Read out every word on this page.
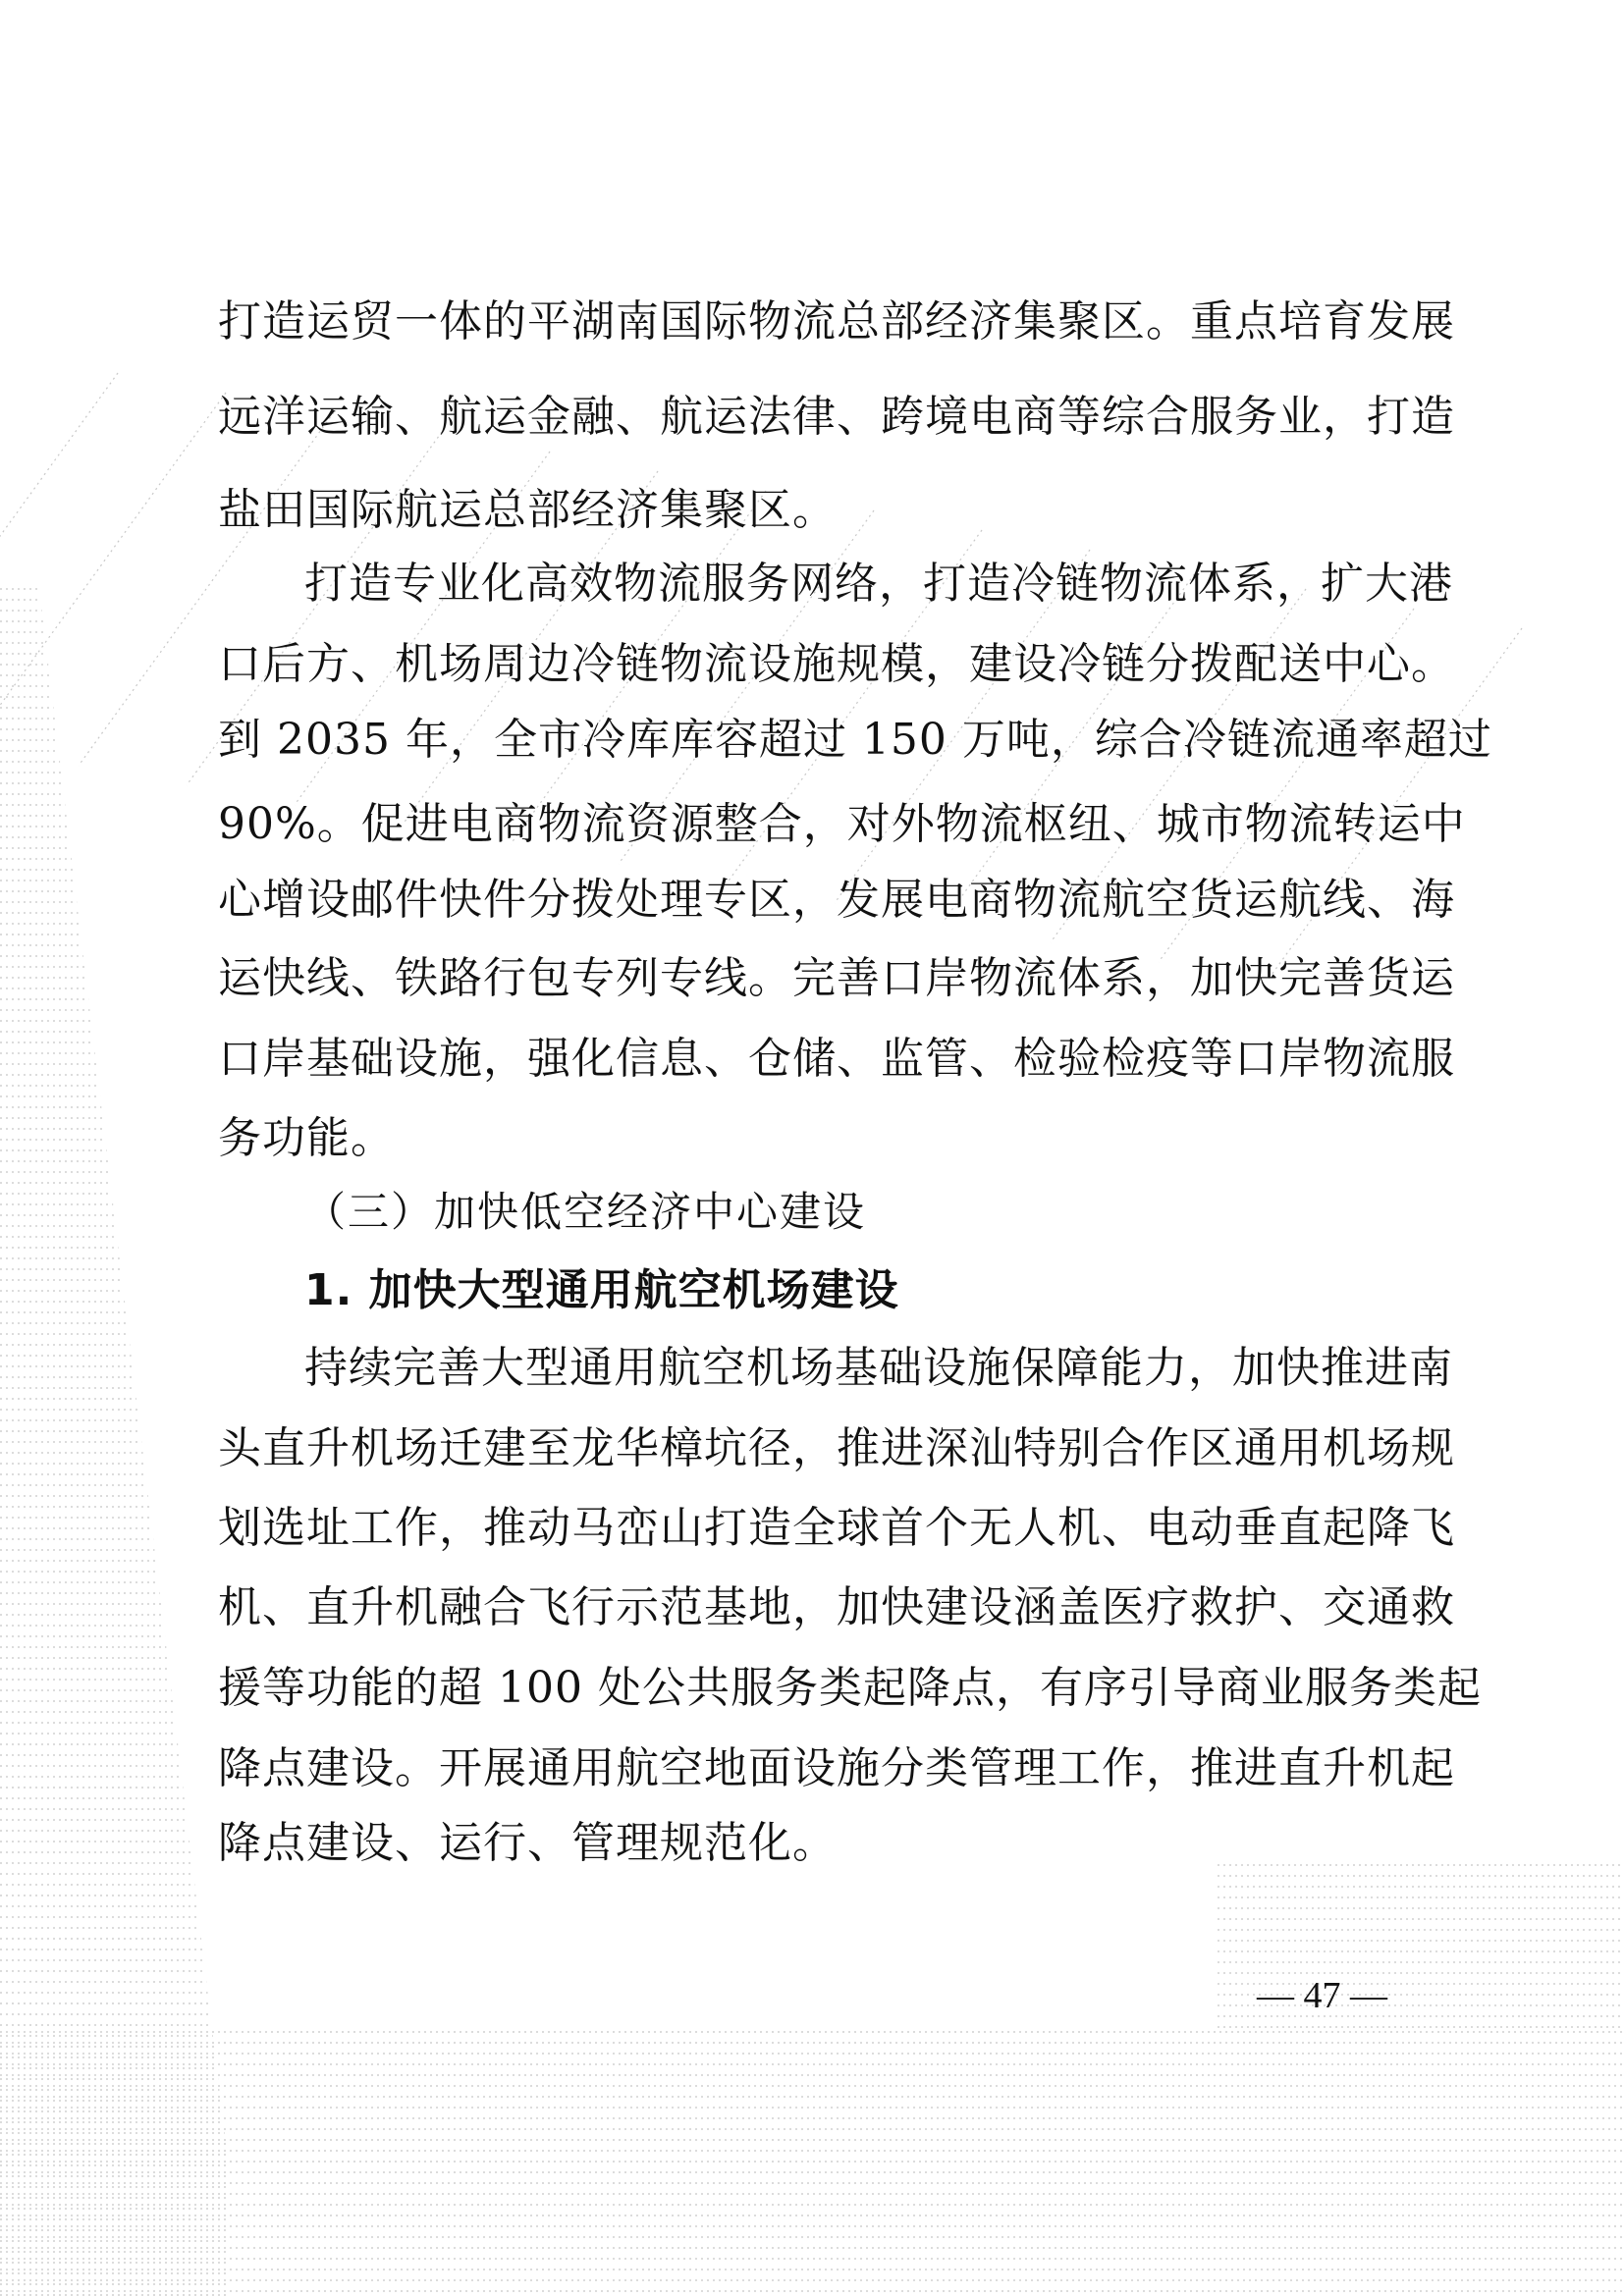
打造运贸一体的平湖南国际物流总部经济集聚区。重点培育发展
远洋运输、航运金融、航运法律、跨境电商等综合服务业，打造
盐田国际航运总部经济集聚区。
打造专业化高效物流服务网络，打造冷链物流体系，扩大港
口后方、机场周边冷链物流设施规模，建设冷链分拨配送中心。
到 2035 年，全市冷库库容超过 150 万吨，综合冷链流通率超过
90%。促进电商物流资源整合，对外物流枢纽、城市物流转运中
心增设邮件快件分拨处理专区，发展电商物流航空货运航线、海
运快线、铁路行包专列专线。完善口岸物流体系，加快完善货运
口岸基础设施，强化信息、仓储、监管、检验检疫等口岸物流服
务功能。
（三）加快低空经济中心建设
1. 加快大型通用航空机场建设
持续完善大型通用航空机场基础设施保障能力，加快推进南
头直升机场迁建至龙华樟坑径，推进深汕特别合作区通用机场规
划选址工作，推动马峦山打造全球首个无人机、电动垂直起降飞
机、直升机融合飞行示范基地，加快建设涵盖医疗救护、交通救
援等功能的超 100 处公共服务类起降点，有序引导商业服务类起
降点建设。开展通用航空地面设施分类管理工作，推进直升机起
降点建设、运行、管理规范化。
— 47 —
